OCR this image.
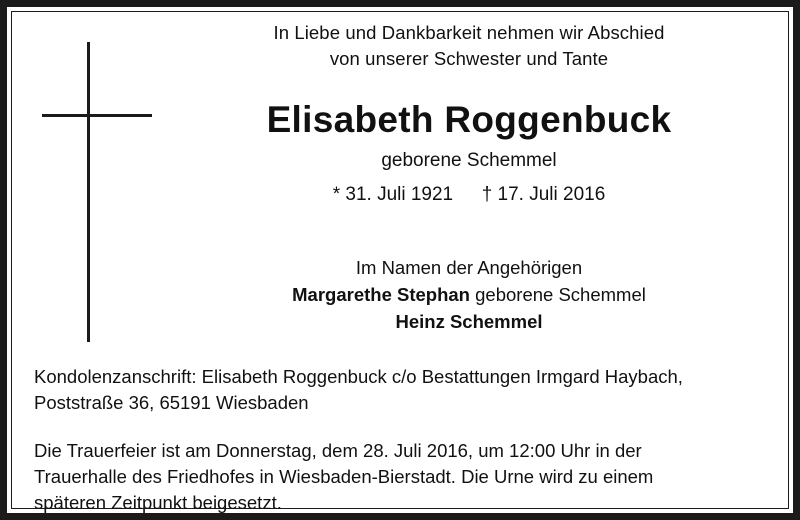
In Liebe und Dankbarkeit nehmen wir Abschied
von unserer Schwester und Tante
Elisabeth Roggenbuck
geborene Schemmel
* 31. Juli 1921 † 17. Juli 2016
Im Namen der Angehörigen
Margarethe Stephan geborene Schemmel
Heinz Schemmel

Kondolenzanschrift: Elisabeth Roggenbuck c/o Bestattungen Irmgard Haybach,
Poststraße 36, 65191 Wiesbaden

Die Trauerfeier ist am Donnerstag, dem 28. Juli 2016, um 12:00 Uhr in der
Trauerhalle des Friedhofes in Wiesbaden-Bierstadt. Die Urne wird zu einem
späteren Zeitpunkt beigesetzt.
